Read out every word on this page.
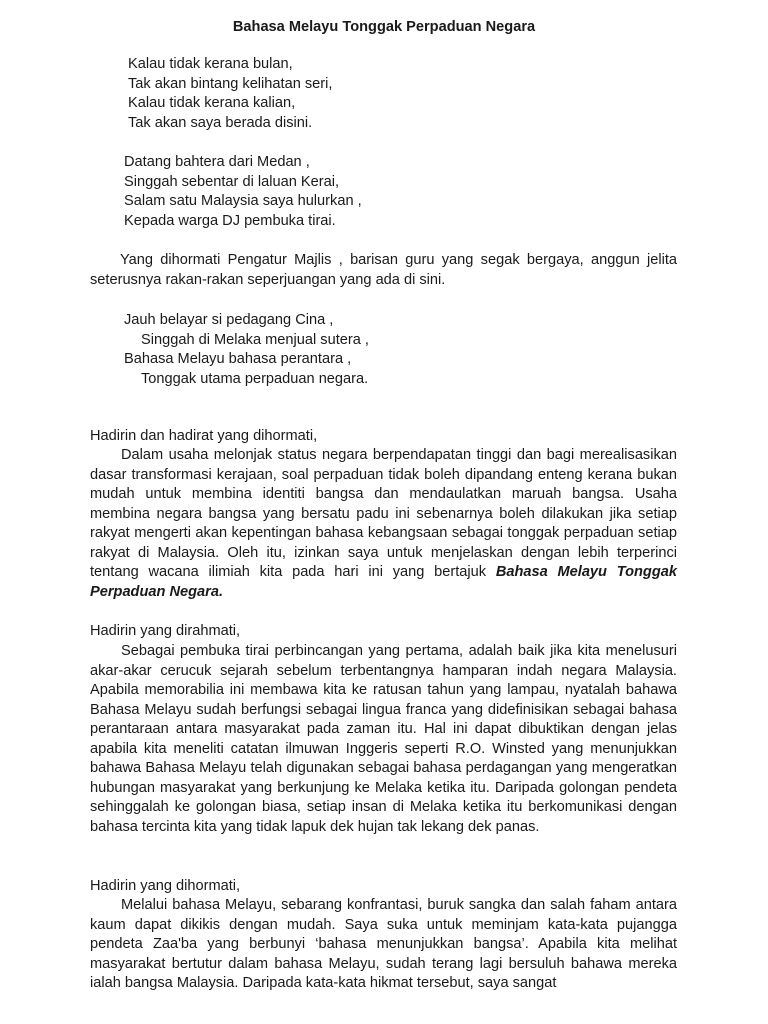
Bahasa Melayu Tonggak Perpaduan Negara
Kalau tidak kerana bulan,
Tak akan bintang kelihatan seri,
Kalau tidak kerana kalian,
Tak akan saya berada disini.
Datang bahtera dari Medan ,
Singgah sebentar di laluan Kerai,
Salam satu Malaysia saya hulurkan ,
Kepada warga DJ pembuka tirai.

Yang dihormati Pengatur Majlis , barisan guru yang segak bergaya, anggun jelita seterusnya rakan-rakan seperjuangan yang ada di sini.

Jauh belayar si pedagang Cina ,
Singgah di Melaka menjual sutera ,
Bahasa Melayu bahasa perantara ,
Tonggak utama perpaduan negara.

Hadirin dan hadirat yang dihormati,

Dalam usaha melonjak status negara berpendapatan tinggi dan bagi merealisasikan dasar transformasi kerajaan, soal perpaduan tidak boleh dipandang enteng kerana bukan mudah untuk membina identiti bangsa dan mendaulatkan maruah bangsa. Usaha membina negara bangsa yang bersatu padu ini sebenarnya boleh dilakukan jika setiap rakyat mengerti akan kepentingan bahasa kebangsaan sebagai tonggak perpaduan setiap rakyat di Malaysia. Oleh itu, izinkan saya untuk menjelaskan dengan lebih terperinci tentang wacana ilimiah kita pada hari ini yang bertajuk Bahasa Melayu Tonggak Perpaduan Negara.

Hadirin yang dirahmati,

Sebagai pembuka tirai perbincangan yang pertama, adalah baik jika kita menelusuri akar-akar cerucuk sejarah sebelum terbentangnya hamparan indah negara Malaysia. Apabila memorabilia ini membawa kita ke ratusan tahun yang lampau, nyatalah bahawa Bahasa Melayu sudah berfungsi sebagai lingua franca yang didefinisikan sebagai bahasa perantaraan antara masyarakat pada zaman itu. Hal ini dapat dibuktikan dengan jelas apabila kita meneliti catatan ilmuwan Inggeris seperti R.O. Winsted yang menunjukkan bahawa Bahasa Melayu telah digunakan sebagai bahasa perdagangan yang mengeratkan hubungan masyarakat yang berkunjung ke Melaka ketika itu. Daripada golongan pendeta sehinggalah ke golongan biasa, setiap insan di Melaka ketika itu berkomunikasi dengan bahasa tercinta kita yang tidak lapuk dek hujan tak lekang dek panas.

Hadirin yang dihormati,

Melalui bahasa Melayu, sebarang konfrantasi, buruk sangka dan salah faham antara kaum dapat dikikis dengan mudah. Saya suka untuk meminjam kata-kata pujangga pendeta Zaa'ba yang berbunyi ‘bahasa menunjukkan bangsa’. Apabila kita melihat masyarakat bertutur dalam bahasa Melayu, sudah terang lagi bersuluh bahawa mereka ialah bangsa Malaysia. Daripada kata-kata hikmat tersebut, saya sangat
